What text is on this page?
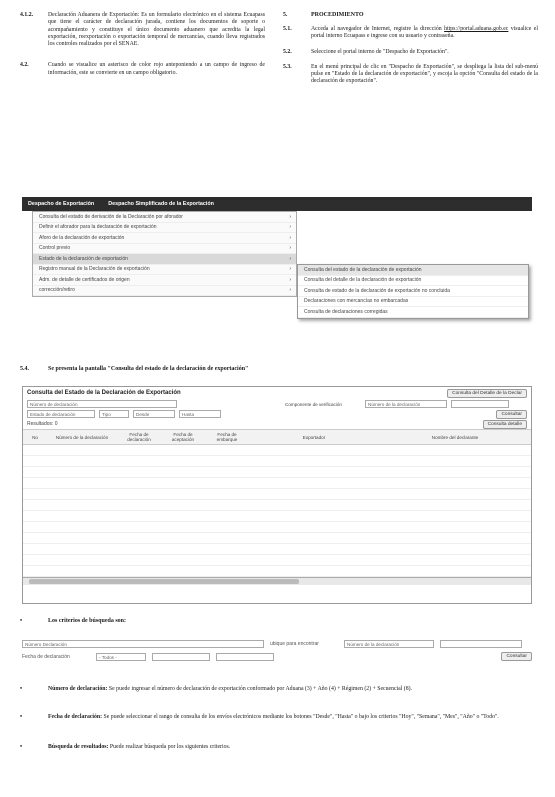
4.1.2.	Declaración Aduanera de Exportación: Es un formulario electrónico en el sistema Ecuapass que tiene el carácter de declaración jurada, contiene los documentos de soporte o acompañamiento y constituye el único documento aduanero que acredita la legal exportación, reexportación o exportación temporal de mercancías, cuando lleva registrados los controles realizados por el SENAE.
4.2.	Cuando se visualice un asterisco de color rojo anteponiendo a un campo de ingreso de información, este se convierte en un campo obligatorio.
5.	PROCEDIMIENTO
5.1.	Acceda al navegador de Internet, registre la dirección https://portal.aduana.gob.ec visualice el portal interno Ecuapass e ingrese con su usuario y contraseña.
5.2.	Seleccione el portal interno de "Despacho de Exportación".
5.3.	En el menú principal de clic en "Despacho de Exportación", se despliega la lista del sub-menú pulse en "Estado de la declaración de exportación", y escoja la opción "Consulta del estado de la declaración de exportación".
Despacho de Exportación	Despacho Simplificado de la Exportación
Consulta del estado de derivación de la Declaración por aforador	›
Definir el aforador para la declaración de exportación	›
Aforo de la declaración de exportación	›
Control previo	›
Estado de la declaración de exportación	›
Registro manual de la Declaración de exportación	›
Adm. de detalle de certificados de origen	›
corrección/retiro	›
Consulta del estado de la declaración de exportación
Consulta del detalle de la declaración de exportación
Consulta de estado de la declaración de exportación no concluida
Declaraciones con mercancías no embarcadas
Consulta de declaraciones corregidas
5.4.	Se presenta la pantalla "Consulta del estado de la declaración de exportación"
Consulta del Estado de la Declaración de Exportación	Consulta del Detalle de la Declar
Número de declaración	Componente de verificación	Número de la declaración
Estado de declaración	Tipo	Desde	Hasta	Consultar
Resultados: 0	Consulta detalle
No	Número de la declaración	Fecha de declaración
Fecha de aceptación
Fecha de embarque	Exportador	Nombre del declarante
•	Los criterios de búsqueda son:
Número Declaración	ubique para encontrar	Número de la declaración
Fecha de declaración	- Todos -	Consultar
•	Número de declaración: Se puede ingresar el número de declaración de exportación conformado por Aduana (3) + Año (4) + Régimen (2) + Secuencial (8).
•	Fecha de declaración: Se puede seleccionar el rango de consulta de los envíos electrónicos mediante los botones "Desde", "Hasta" o bajo los criterios "Hoy", "Semana", "Mes", "Año" o "Todo".
•	Búsqueda de resultados: Puede realizar búsqueda por los siguientes criterios.
